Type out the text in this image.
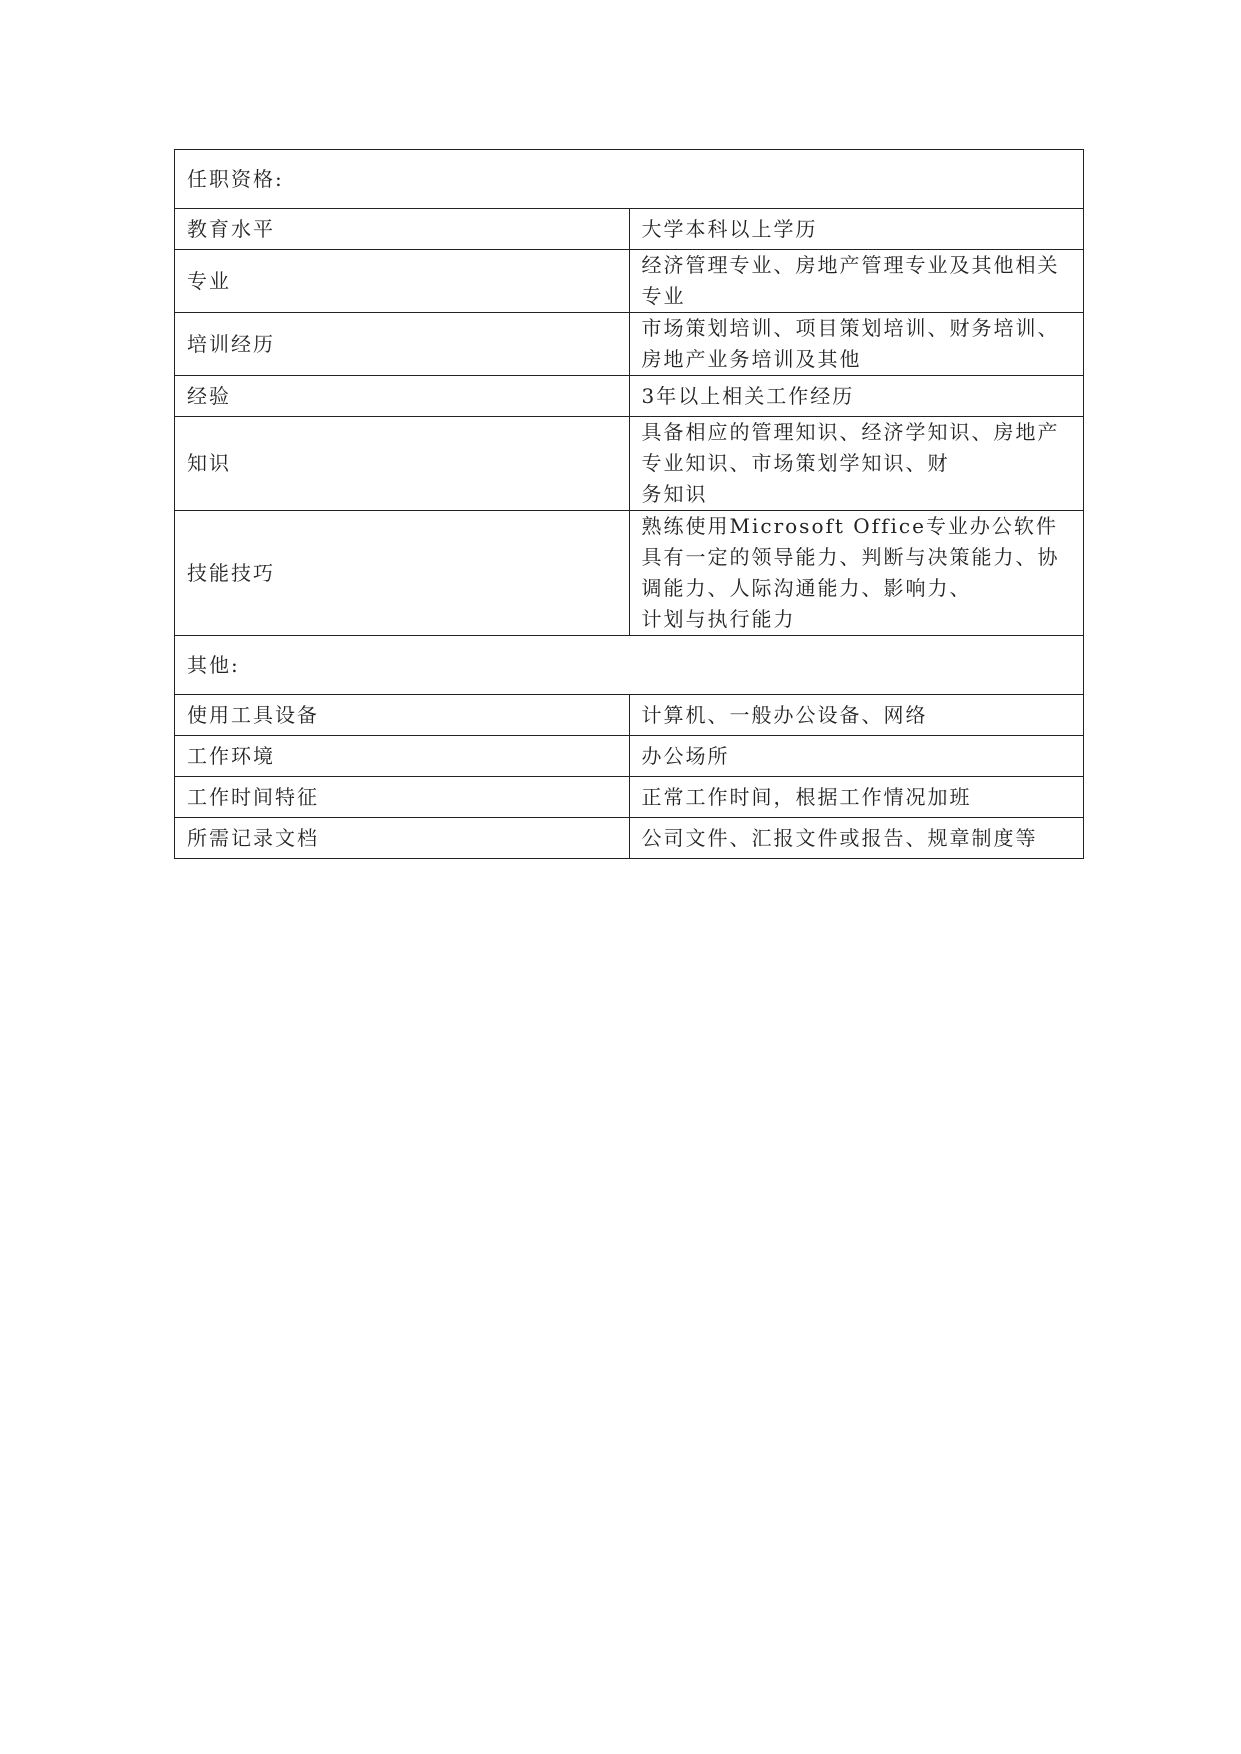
任职资格:	
教育水平	大学本科以上学历

专业	经济管理专业、房地产管理专业及其他相关专业

培训经历	市场策划培训、项目策划培训、财务培训、房地产业务培训及其他

经验	3年以上相关工作经历

知识	具备相应的管理知识、经济学知识、房地产专业知识、市场策划学知识、财
务知识

技能技巧	熟练使用Microsoft Office专业办公软件
具有一定的领导能力、判断与决策能力、协调能力、人际沟通能力、影响力、
计划与执行能力

其他:	
使用工具设备	计算机、一般办公设备、网络

工作环境	办公场所

工作时间特征	正常工作时间，根据工作情况加班

所需记录文档	公司文件、汇报文件或报告、规章制度等
